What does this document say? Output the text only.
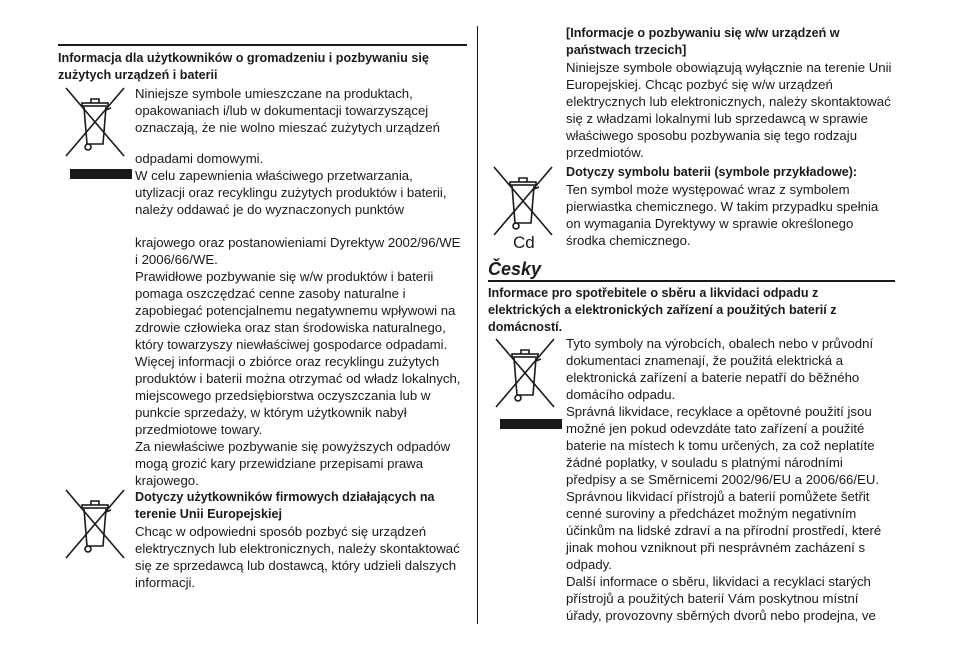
Informacja dla użytkowników o gromadzeniu i pozbywaniu się
zużytych urządzeń i baterii
Niniejsze symbole umieszczane na produktach,
opakowaniach i/lub w dokumentacji towarzyszącej
oznaczają, że nie wolno mieszać zużytych urządzeń
odpadami domowymi.
W celu zapewnienia właściwego przetwarzania,
utylizacji oraz recyklingu zużytych produktów i baterii,
należy oddawać je do wyznaczonych punktów
krajowego oraz postanowieniami Dyrektyw 2002/96/WE
i 2006/66/WE.
Prawidłowe pozbywanie się w/w produktów i baterii
pomaga oszczędzać cenne zasoby naturalne i
zapobiegać potencjalnemu negatywnemu wpływowi na
zdrowie człowieka oraz stan środowiska naturalnego,
który towarzyszy niewłaściwej gospodarce odpadami.
Więcej informacji o zbiórce oraz recyklingu zużytych
produktów i baterii można otrzymać od władz lokalnych,
miejscowego przedsiębiorstwa oczyszczania lub w
punkcie sprzedaży, w którym użytkownik nabył
przedmiotowe towary.
Za niewłaściwe pozbywanie się powyższych odpadów
mogą grozić kary przewidziane przepisami prawa
krajowego.
Dotyczy użytkowników firmowych działających na
terenie Unii Europejskiej
Chcąc w odpowiedni sposób pozbyć się urządzeń
elektrycznych lub elektronicznych, należy skontaktować
się ze sprzedawcą lub dostawcą, który udzieli dalszych
informacji.
[Informacje o pozbywaniu się w/w urządzeń w
państwach trzecich]
Niniejsze symbole obowiązują wyłącznie na terenie Unii
Europejskiej. Chcąc pozbyć się w/w urządzeń
elektrycznych lub elektronicznych, należy skontaktować
się z władzami lokalnymi lub sprzedawcą w sprawie
właściwego sposobu pozbywania się tego rodzaju
przedmiotów.
Cd
Dotyczy symbolu baterii (symbole przykładowe):
Ten symbol może występować wraz z symbolem
pierwiastka chemicznego. W takim przypadku spełnia
on wymagania Dyrektywy w sprawie określonego
środka chemicznego.
Česky
Informace pro spotřebitele o sběru a likvidaci odpadu z
elektrických a elektronických zařízení a použitých baterií z
domácností.
Tyto symboly na výrobcích, obalech nebo v průvodní
dokumentaci znamenají, že použitá elektrická a
elektronická zařízení a baterie nepatří do běžného
domácího odpadu.
Správná likvidace, recyklace a opětovné použití jsou
možné jen pokud odevzdáte tato zařízení a použité
baterie na místech k tomu určených, za což neplatíte
žádné poplatky, v souladu s platnými národními
předpisy a se Směrnicemi 2002/96/EU a 2006/66/EU.
Správnou likvidací přístrojů a baterií pomůžete šetřit
cenné suroviny a předcházet možným negativním
účinkům na lidské zdraví a na přírodní prostředí, které
jinak mohou vzniknout při nesprávném zacházení s
odpady.
Další informace o sběru, likvidaci a recyklaci starých
přístrojů a použitých baterií Vám poskytnou místní
úřady, provozovny sběrných dvorů nebo prodejna, ve
